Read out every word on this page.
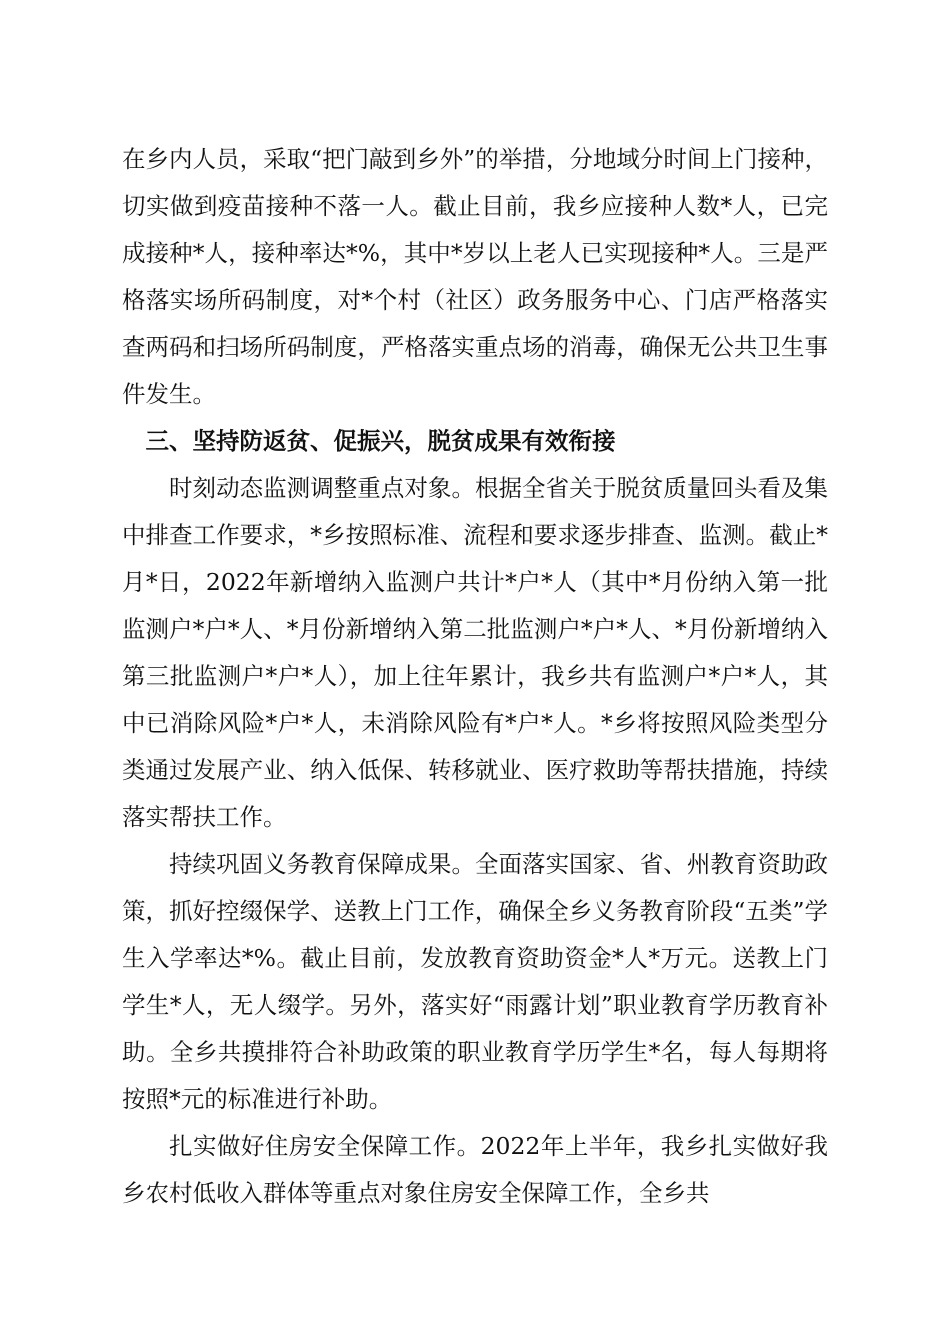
在乡内人员，采取“把门敲到乡外”的举措，分地域分时间上门接种，切实做到疫苗接种不落一人。截止目前，我乡应接种人数*人，已完成接种*人，接种率达*%，其中*岁以上老人已实现接种*人。三是严格落实场所码制度，对*个村（社区）政务服务中心、门店严格落实查两码和扫场所码制度，严格落实重点场的消毒，确保无公共卫生事件发生。

三、坚持防返贫、促振兴，脱贫成果有效衔接

时刻动态监测调整重点对象。根据全省关于脱贫质量回头看及集中排查工作要求，*乡按照标准、流程和要求逐步排查、监测。截止*月*日，2022年新增纳入监测户共计*户*人（其中*月份纳入第一批监测户*户*人、*月份新增纳入第二批监测户*户*人、*月份新增纳入第三批监测户*户*人），加上往年累计，我乡共有监测户*户*人，其中已消除风险*户*人，未消除风险有*户*人。*乡将按照风险类型分类通过发展产业、纳入低保、转移就业、医疗救助等帮扶措施，持续落实帮扶工作。

持续巩固义务教育保障成果。全面落实国家、省、州教育资助政策，抓好控缀保学、送教上门工作，确保全乡义务教育阶段“五类”学生入学率达*%。截止目前，发放教育资助资金*人*万元。送教上门学生*人，无人缀学。另外，落实好“雨露计划”职业教育学历教育补助。全乡共摸排符合补助政策的职业教育学历学生*名，每人每期将按照*元的标准进行补助。

扎实做好住房安全保障工作。2022年上半年，我乡扎实做好我乡农村低收入群体等重点对象住房安全保障工作，全乡共
